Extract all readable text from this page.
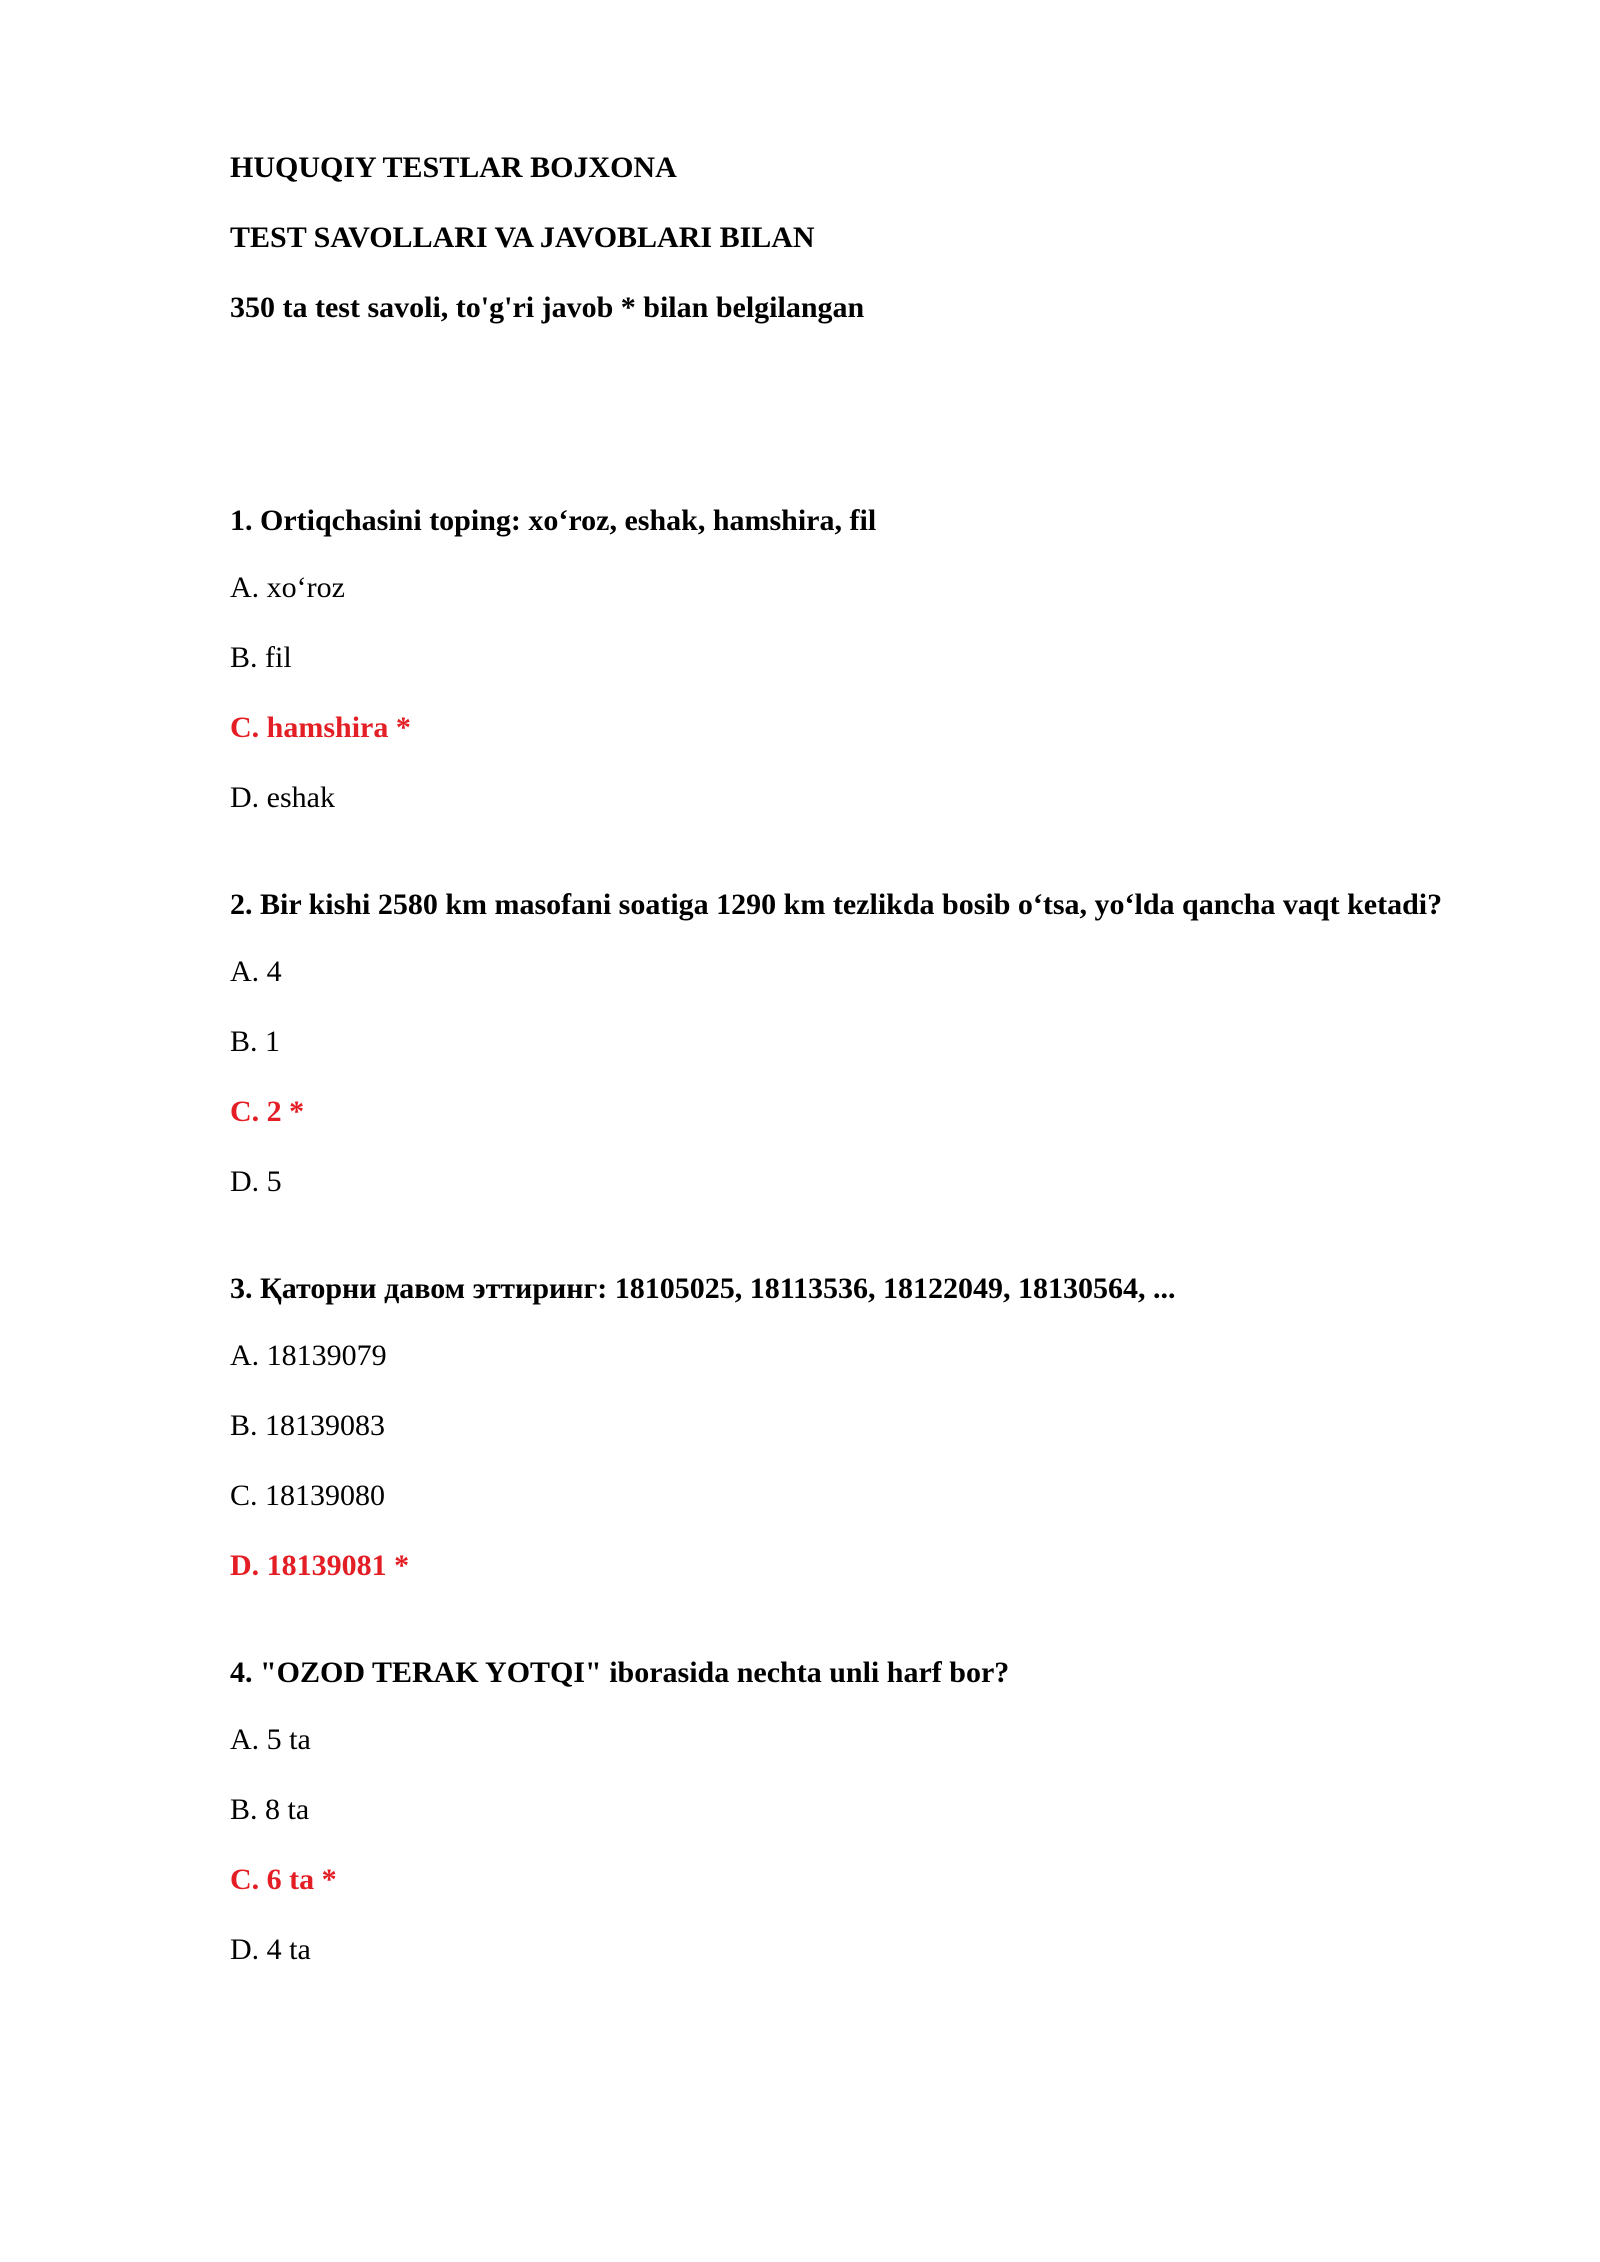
HUQUQIY TESTLAR BOJXONA
TEST SAVOLLARI VA JAVOBLARI BILAN
350 ta test savoli, to'g'ri javob * bilan belgilangan
1. Ortiqchasini toping: xo‘roz, eshak, hamshira, fil
A. xo‘roz
B. fil
C. hamshira *
D. eshak
2. Bir kishi 2580 km masofani soatiga 1290 km tezlikda bosib o‘tsa, yo‘lda qancha vaqt ketadi?
A. 4
B. 1
C. 2 *
D. 5
3. Қаторни давом эттиринг: 18105025, 18113536, 18122049, 18130564, ...
A. 18139079
B. 18139083
C. 18139080
D. 18139081 *
4. "OZOD TERAK YOTQI" iborasida nechta unli harf bor?
A. 5 ta
B. 8 ta
C. 6 ta *
D. 4 ta
